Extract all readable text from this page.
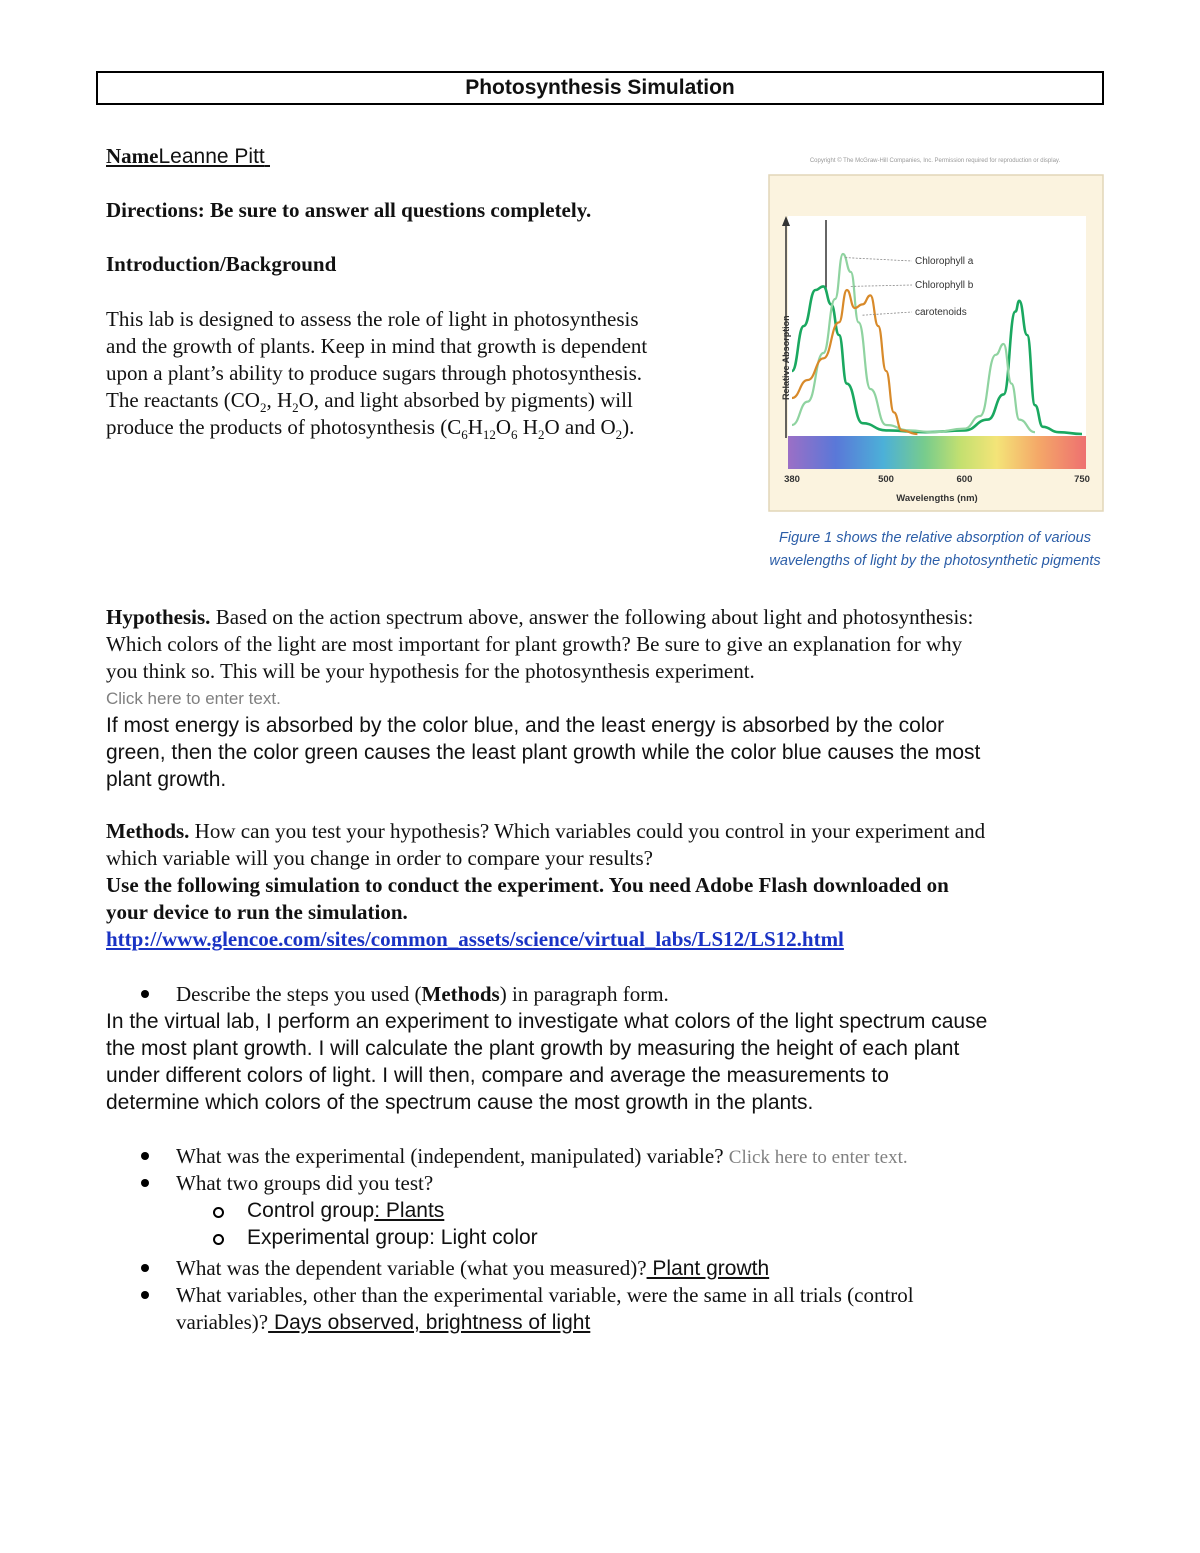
Photosynthesis Simulation
NameLeanne Pitt
Directions: Be sure to answer all questions completely.
Introduction/Background
This lab is designed to assess the role of light in photosynthesis
and the growth of plants. Keep in mind that growth is dependent
upon a plant’s ability to produce sugars through photosynthesis.
The reactants ($CO_2$, $H_2O$, and light absorbed by pigments) will
produce the products of photosynthesis ($C_6H_{12}O_6$ $H_2O$ and $O_2$).
Copyright © The McGraw-Hill Companies, Inc. Permission required for reproduction or display.
Relative Absorption
Chlorophyll a
Chlorophyll b
carotenoids
380	500	600	750
Wavelengths (nm)
Figure 1 shows the relative absorption of various
wavelengths of light by the photosynthetic pigments
Hypothesis. Based on the action spectrum above, answer the following about light and photosynthesis:
Which colors of the light are most important for plant growth? Be sure to give an explanation for why
you think so. This will be your hypothesis for the photosynthesis experiment.
Click here to enter text.
If most energy is absorbed by the color blue, and the least energy is absorbed by the color
green, then the color green causes the least plant growth while the color blue causes the most
plant growth.
Methods. How can you test your hypothesis? Which variables could you control in your experiment and
which variable will you change in order to compare your results?
Use the following simulation to conduct the experiment. You need Adobe Flash downloaded on
your device to run the simulation.
http://www.glencoe.com/sites/common_assets/science/virtual_labs/LS12/LS12.html
Describe the steps you used (Methods) in paragraph form.
In the virtual lab, I perform an experiment to investigate what colors of the light spectrum cause
the most plant growth. I will calculate the plant growth by measuring the height of each plant
under different colors of light. I will then, compare and average the measurements to
determine which colors of the spectrum cause the most growth in the plants.
What was the experimental (independent, manipulated) variable? Click here to enter text.
What two groups did you test?
Control group: Plants
Experimental group: Light color
What was the dependent variable (what you measured)? Plant growth
What variables, other than the experimental variable, were the same in all trials (control
variables)? Days observed, brightness of light
